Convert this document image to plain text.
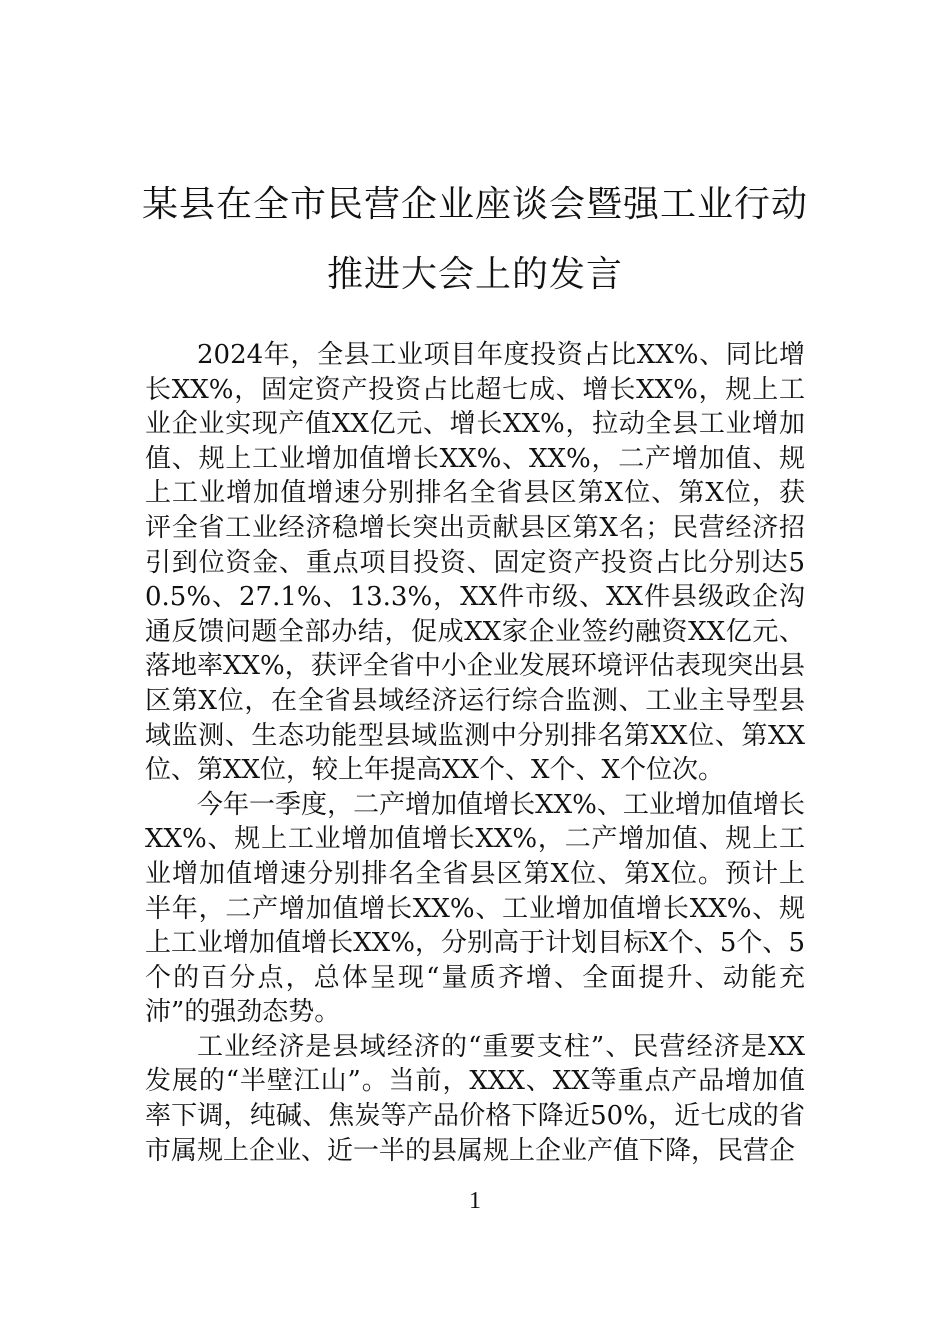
某县在全市民营企业座谈会暨强工业行动
推进大会上的发言

2024年，全县工业项目年度投资占比XX%、同比增长XX%，固定资产投资占比超七成、增长XX%，规上工业企业实现产值XX亿元、增长XX%，拉动全县工业增加值、规上工业增加值增长XX%、XX%，二产增加值、规上工业增加值增速分别排名全省县区第X位、第X位，获评全省工业经济稳增长突出贡献县区第X名；民营经济招引到位资金、重点项目投资、固定资产投资占比分别达50.5%、27.1%、13.3%，XX件市级、XX件县级政企沟通反馈问题全部办结，促成XX家企业签约融资XX亿元、落地率XX%，获评全省中小企业发展环境评估表现突出县区第X位，在全省县域经济运行综合监测、工业主导型县域监测、生态功能型县域监测中分别排名第XX位、第XX位、第XX位，较上年提高XX个、X个、X个位次。

今年一季度，二产增加值增长XX%、工业增加值增长XX%、规上工业增加值增长XX%，二产增加值、规上工业增加值增速分别排名全省县区第X位、第X位。预计上半年，二产增加值增长XX%、工业增加值增长XX%、规上工业增加值增长XX%，分别高于计划目标X个、5个、5个的百分点，总体呈现“量质齐增、全面提升、动能充沛”的强劲态势。

工业经济是县域经济的“重要支柱”、民营经济是XX发展的“半壁江山”。当前，XXX、XX等重点产品增加值率下调，纯碱、焦炭等产品价格下降近50%，近七成的省市属规上企业、近一半的县属规上企业产值下降，民营企

1
